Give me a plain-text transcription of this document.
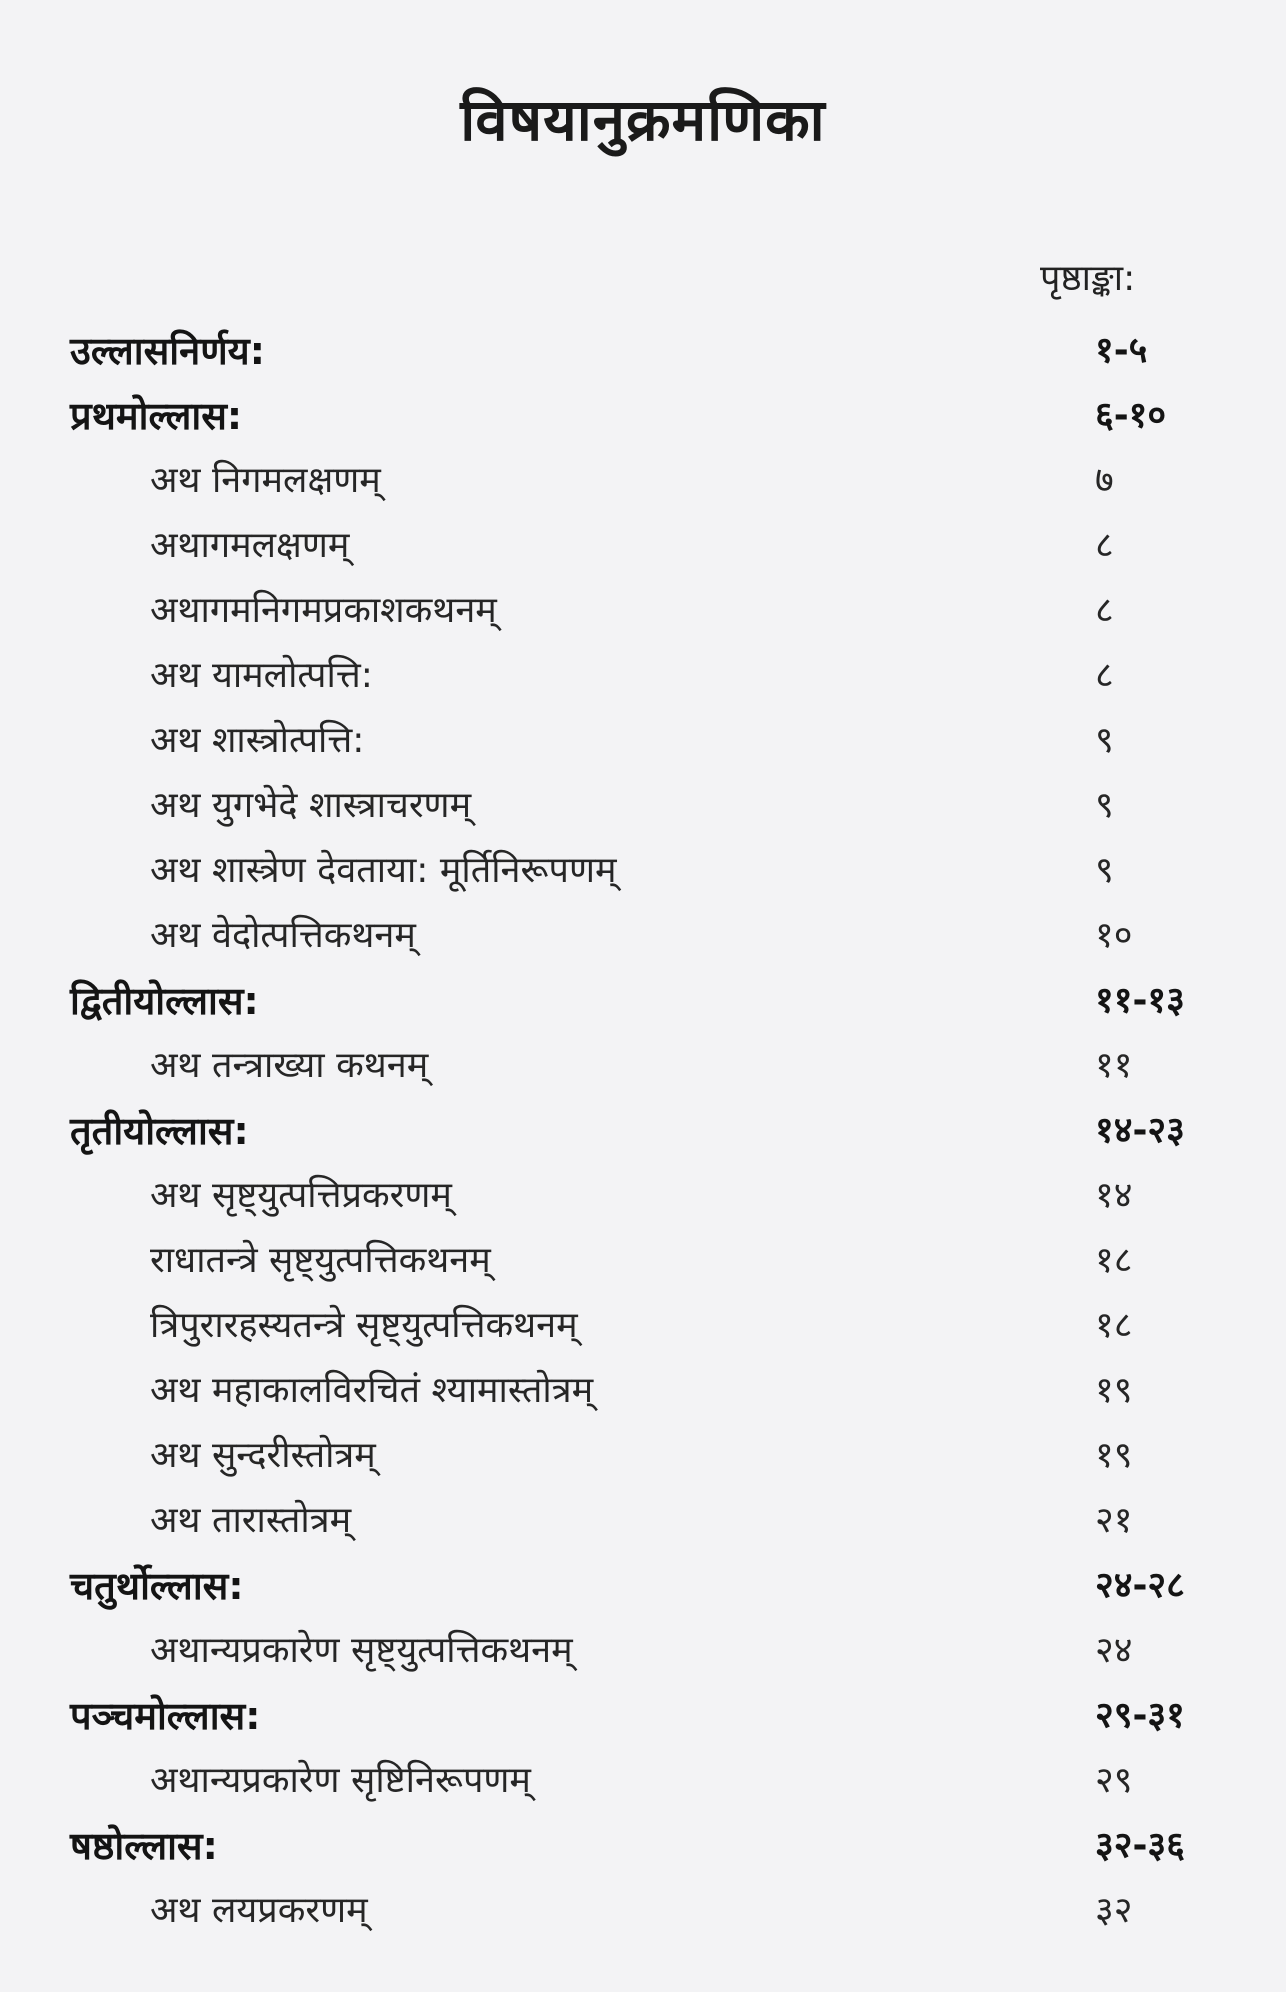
विषयानुक्रमणिका
पृष्ठाङ्का:
उल्लासनिर्णय:	१-५
प्रथमोल्लास:	६-१०
अथ निगमलक्षणम्	७
अथागमलक्षणम्	८
अथागमनिगमप्रकाशकथनम्	८
अथ यामलोत्पत्ति:	८
अथ शास्त्रोत्पत्ति:	९
अथ युगभेदे शास्त्राचरणम्	९
अथ शास्त्रेण देवताया: मूर्तिनिरूपणम्	९
अथ वेदोत्पत्तिकथनम्	१०
द्वितीयोल्लास:	११-१३
अथ तन्त्राख्या कथनम्	११
तृतीयोल्लास:	१४-२३
अथ सृष्ट्युत्पत्तिप्रकरणम्	१४
राधातन्त्रे सृष्ट्युत्पत्तिकथनम्	१८
त्रिपुरारहस्यतन्त्रे सृष्ट्युत्पत्तिकथनम्	१८
अथ महाकालविरचितं श्यामास्तोत्रम्	१९
अथ सुन्दरीस्तोत्रम्	१९
अथ तारास्तोत्रम्	२१
चतुर्थोल्लास:	२४-२८
अथान्यप्रकारेण सृष्ट्युत्पत्तिकथनम्	२४
पञ्चमोल्लास:	२९-३१
अथान्यप्रकारेण सृष्टिनिरूपणम्	२९
षष्ठोल्लास:	३२-३६
अथ लयप्रकरणम्	३२
